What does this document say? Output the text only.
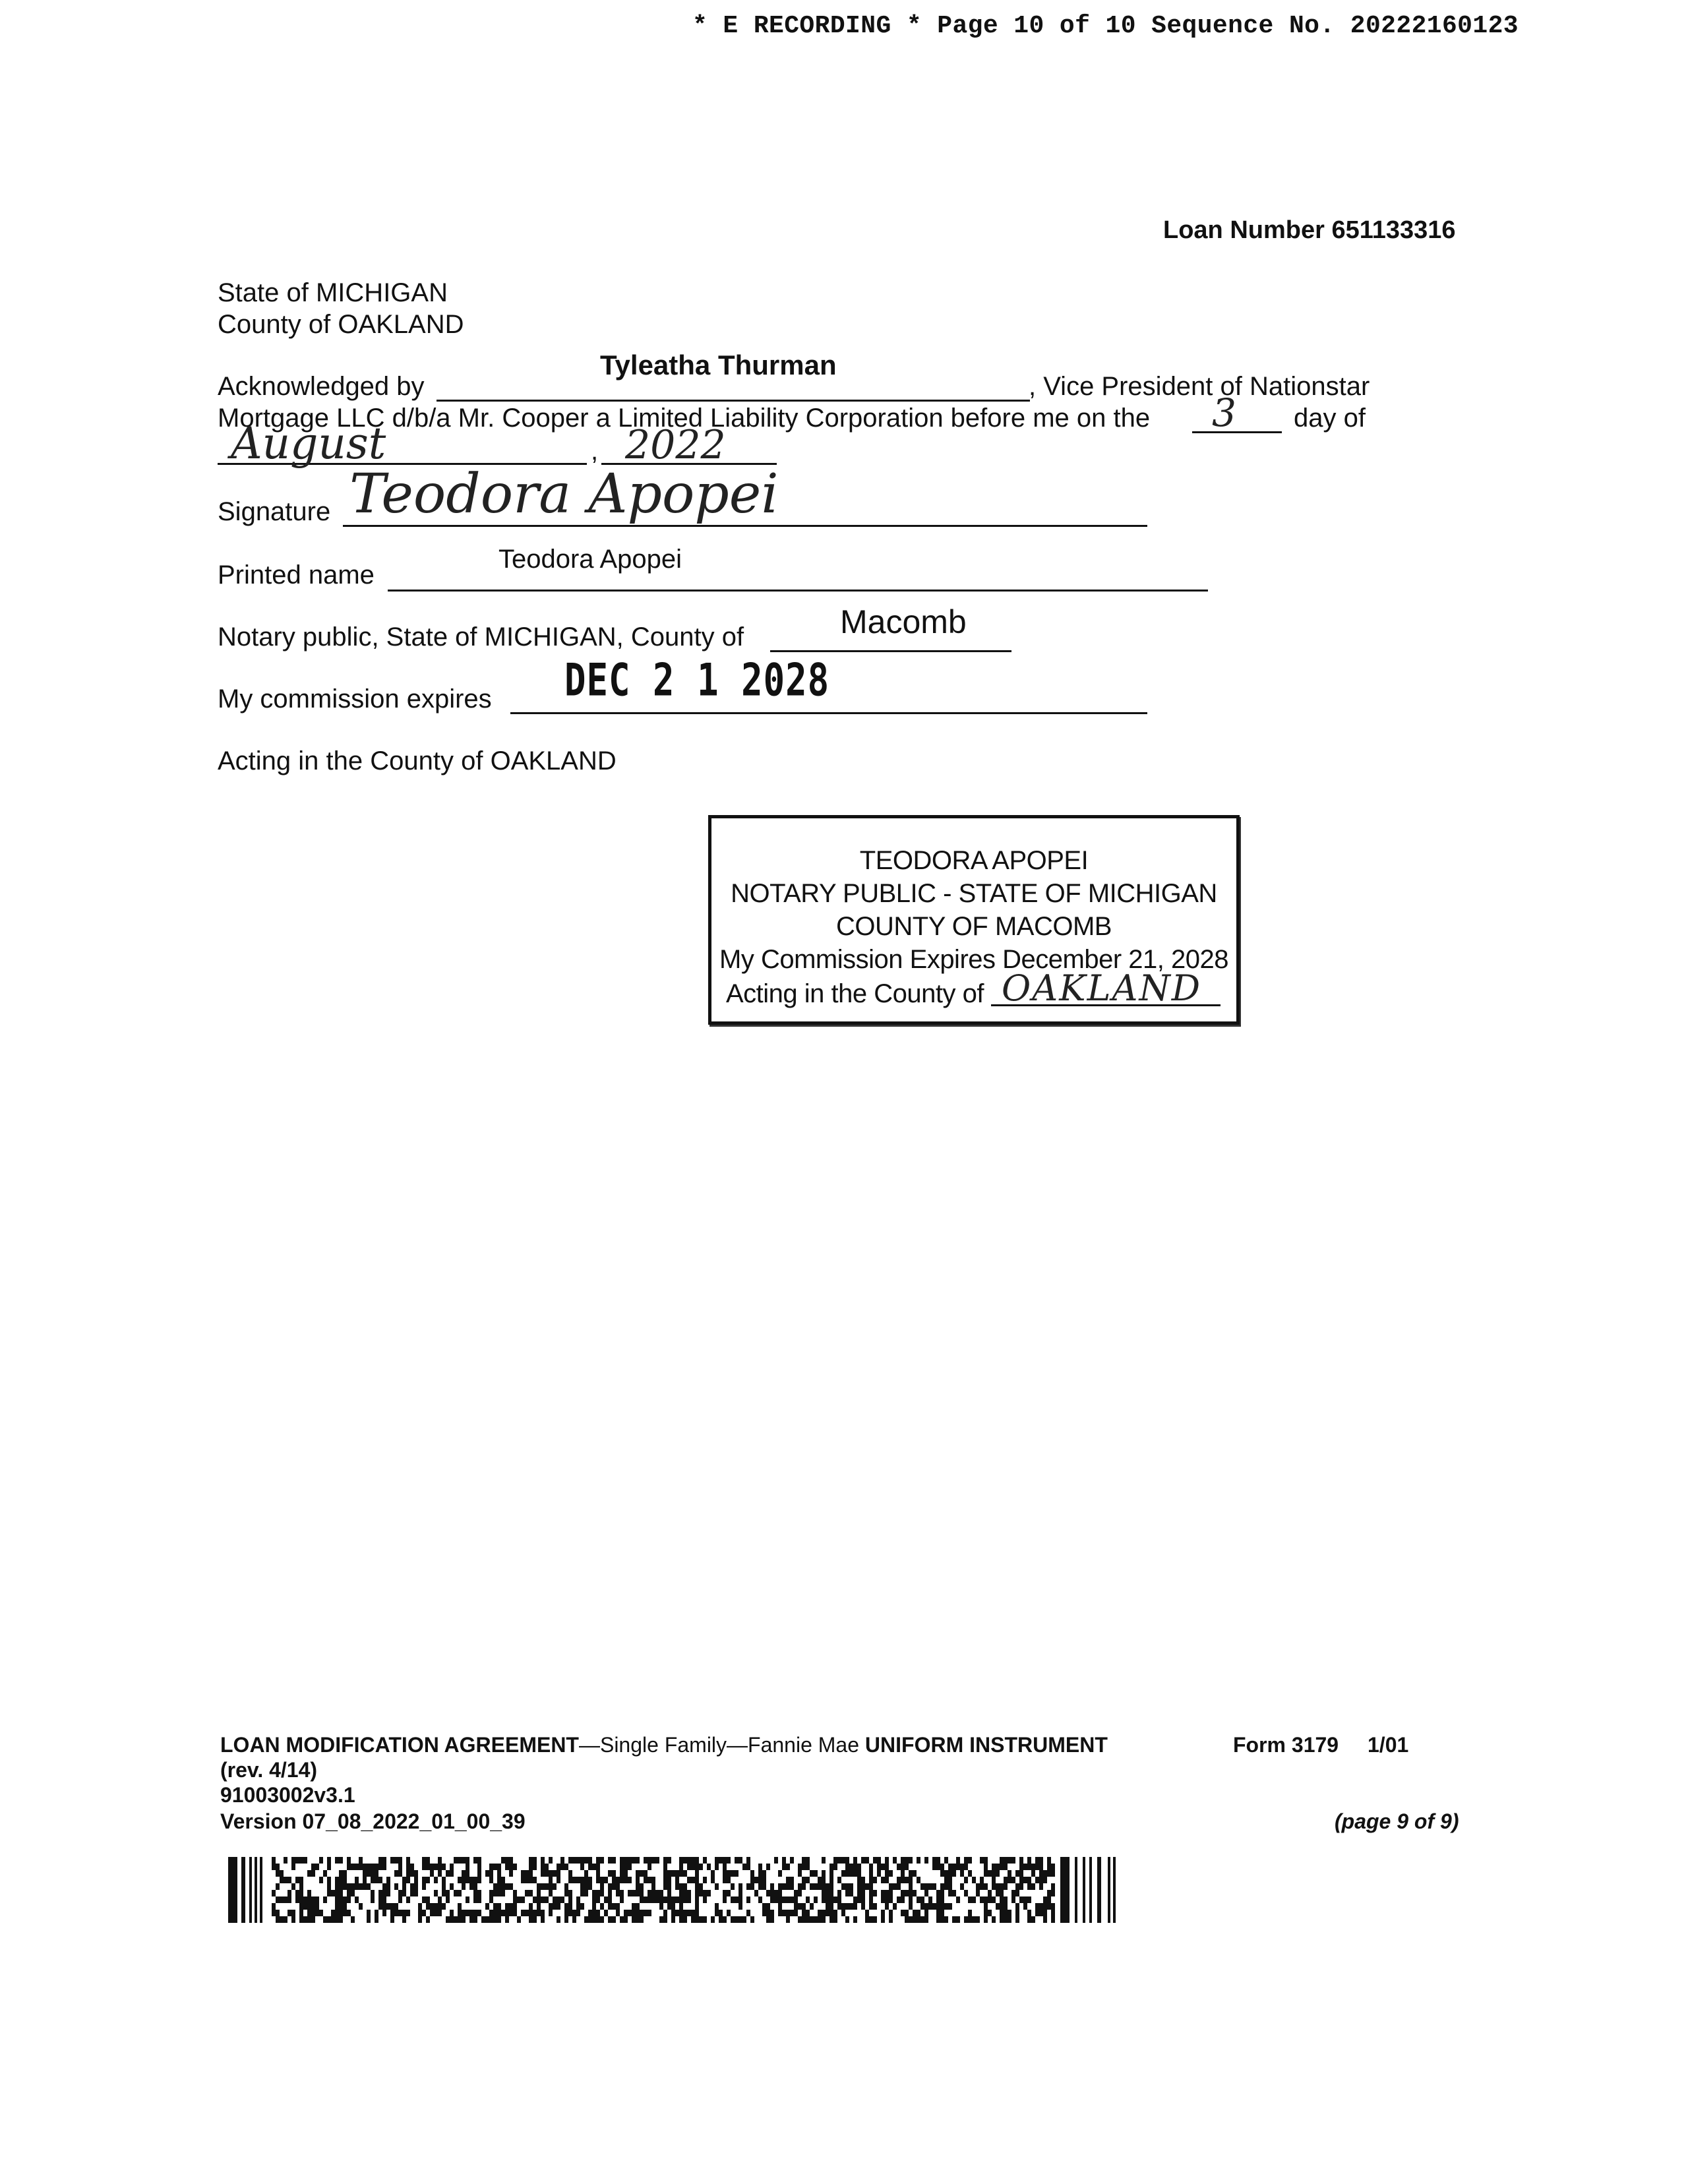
* E RECORDING * Page 10 of 10 Sequence No. 20222160123
Loan Number 651133316
State of MICHIGAN
County of OAKLAND
Acknowledged by
Tyleatha Thurman
, Vice President of Nationstar
Mortgage LLC d/b/a Mr. Cooper a Limited Liability Corporation before me on the 3 day of
August	, 2022
Signature Teodora Apopei
Printed name
Teodora Apopei
Notary public, State of MICHIGAN, County of	Macomb
My commission expires DEC 2 1 2028
Acting in the County of OAKLAND
TEODORA APOPEI
NOTARY PUBLIC - STATE OF MICHIGAN
COUNTY OF MACOMB
My Commission Expires December 21, 2028
Acting in the County of OAKLAND
LOAN MODIFICATION AGREEMENT—Single Family—Fannie Mae UNIFORM INSTRUMENT	Form 3179 1/01
(rev. 4/14)
91003002v3.1
Version 07_08_2022_01_00_39	(page 9 of 9)
